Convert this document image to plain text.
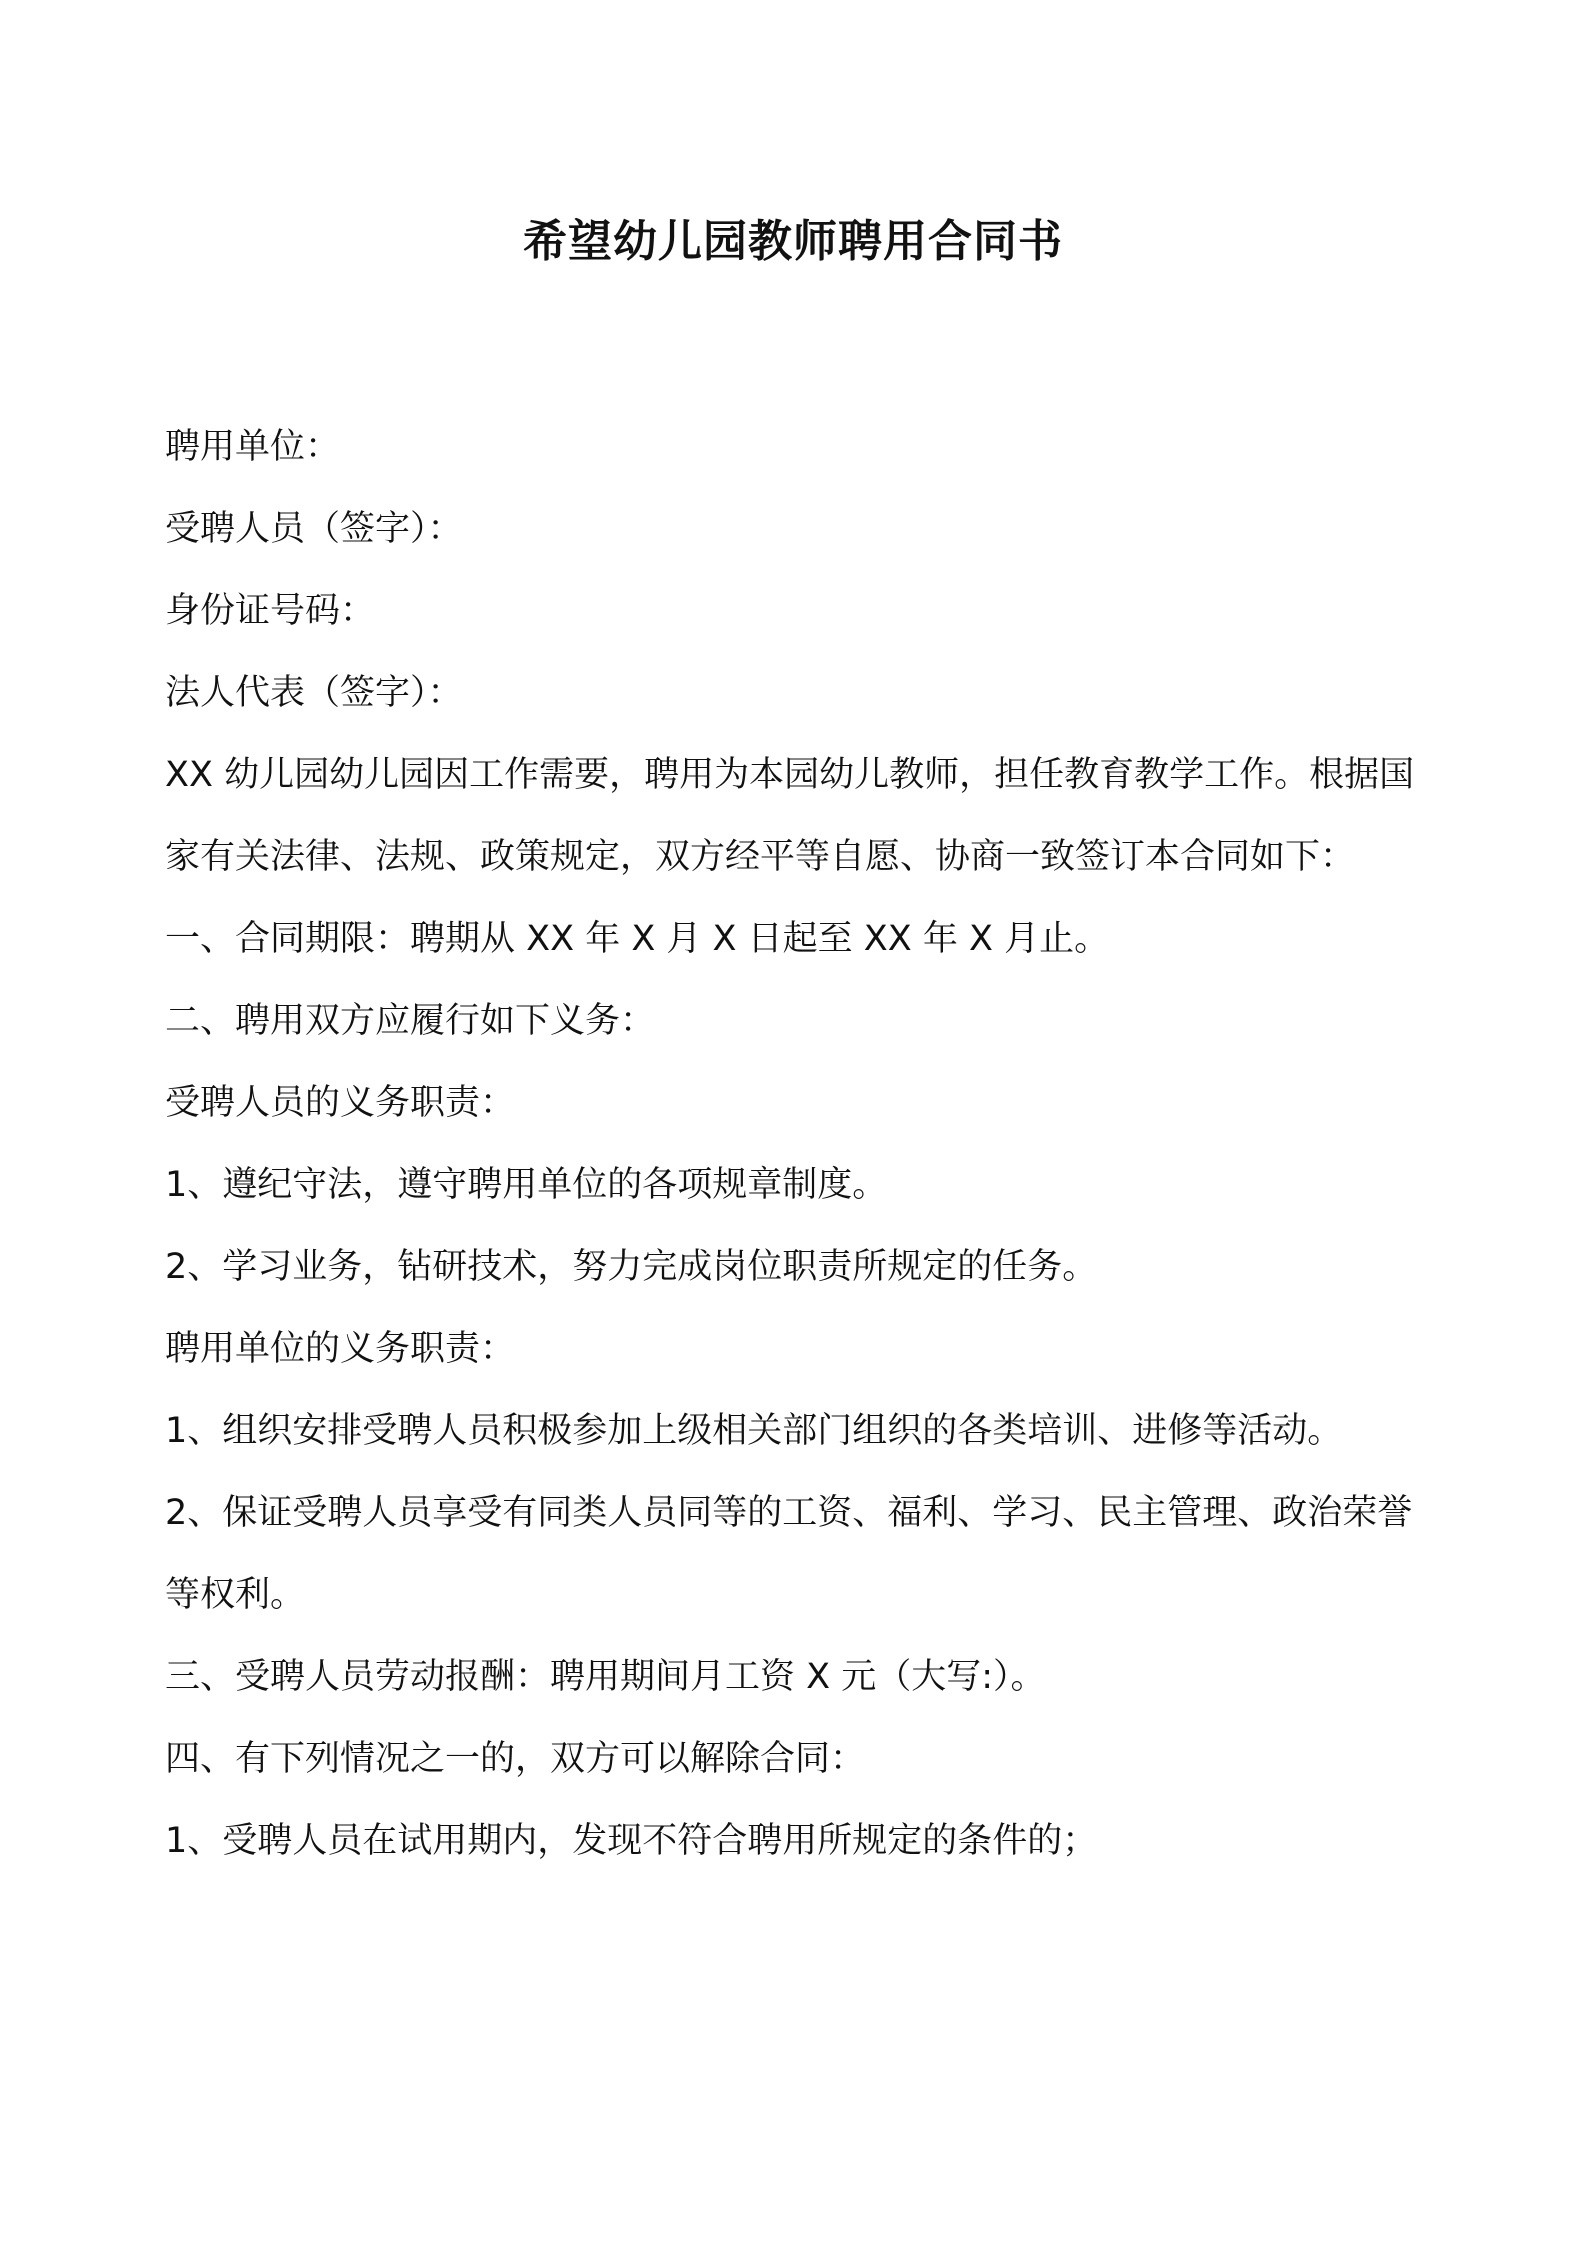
希望幼儿园教师聘用合同书

聘用单位：

受聘人员（签字）：

身份证号码：

法人代表（签字）：

XX 幼儿园幼儿园因工作需要，聘用为本园幼儿教师，担任教育教学工作。根据国家有关法律、法规、政策规定，双方经平等自愿、协商一致签订本合同如下：

一、合同期限：聘期从 XX 年 X 月 X 日起至 XX 年 X 月止。

二、聘用双方应履行如下义务：

受聘人员的义务职责：

1、遵纪守法，遵守聘用单位的各项规章制度。

2、学习业务，钻研技术，努力完成岗位职责所规定的任务。

聘用单位的义务职责：

1、组织安排受聘人员积极参加上级相关部门组织的各类培训、进修等活动。

2、保证受聘人员享受有同类人员同等的工资、福利、学习、民主管理、政治荣誉等权利。

三、受聘人员劳动报酬：聘用期间月工资 X 元（大写:）。

四、有下列情况之一的，双方可以解除合同：

1、受聘人员在试用期内，发现不符合聘用所规定的条件的；
